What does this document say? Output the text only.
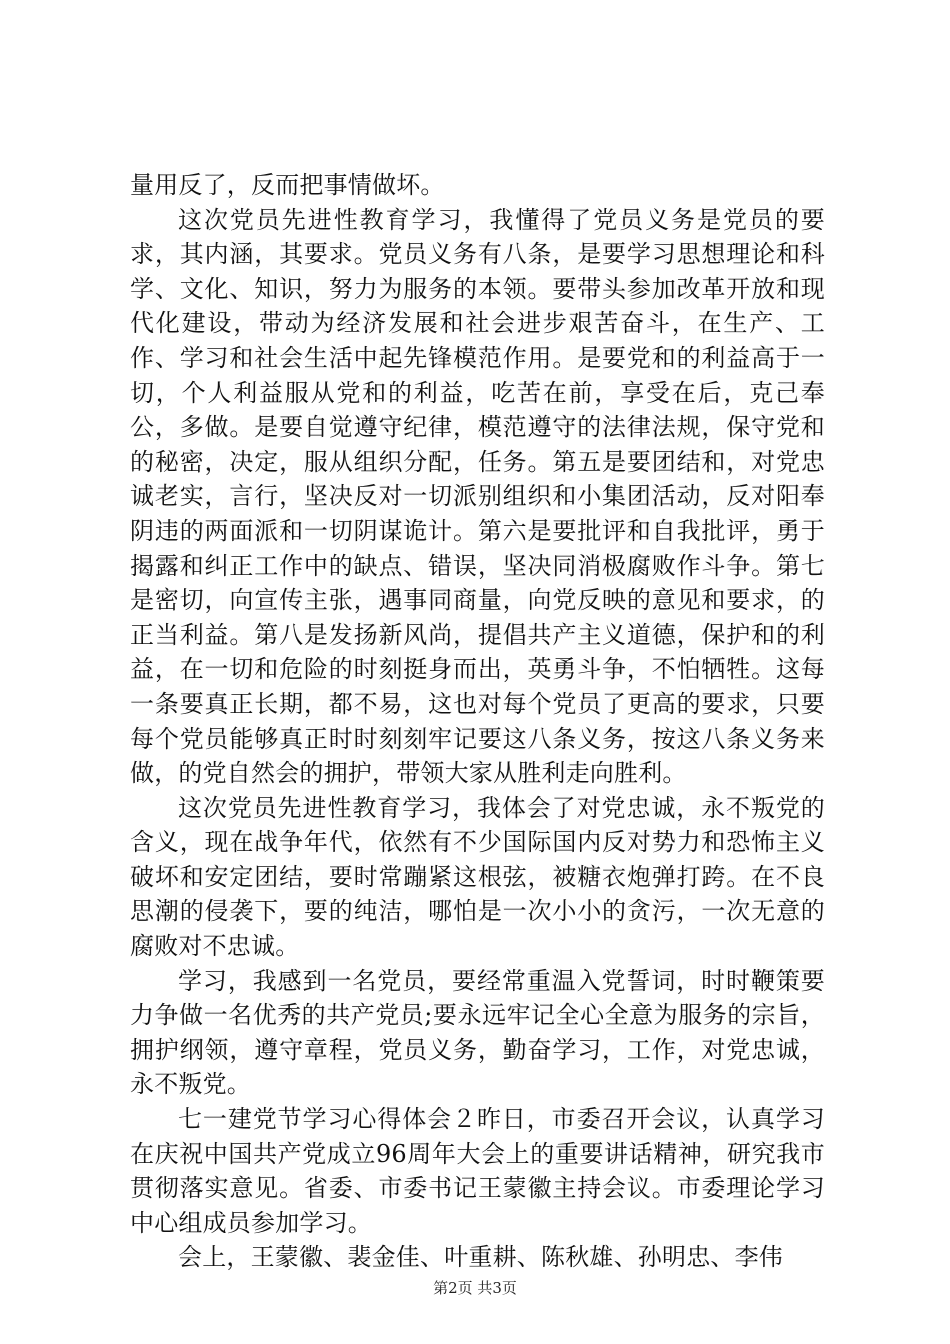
量用反了，反而把事情做坏。

这次党员先进性教育学习，我懂得了党员义务是党员的要求，其内涵，其要求。党员义务有八条，是要学习思想理论和科学、文化、知识，努力为服务的本领。要带头参加改革开放和现代化建设，带动为经济发展和社会进步艰苦奋斗，在生产、工作、学习和社会生活中起先锋模范作用。是要党和的利益高于一切，个人利益服从党和的利益，吃苦在前，享受在后，克己奉公，多做。是要自觉遵守纪律，模范遵守的法律法规，保守党和的秘密，决定，服从组织分配，任务。第五是要团结和，对党忠诚老实，言行，坚决反对一切派别组织和小集团活动，反对阳奉阴违的两面派和一切阴谋诡计。第六是要批评和自我批评，勇于揭露和纠正工作中的缺点、错误，坚决同消极腐败作斗争。第七是密切，向宣传主张，遇事同商量，向党反映的意见和要求，的正当利益。第八是发扬新风尚，提倡共产主义道德，保护和的利益，在一切和危险的时刻挺身而出，英勇斗争，不怕牺牲。这每一条要真正长期，都不易，这也对每个党员了更高的要求，只要每个党员能够真正时时刻刻牢记要这八条义务，按这八条义务来做，的党自然会的拥护，带领大家从胜利走向胜利。

这次党员先进性教育学习，我体会了对党忠诚，永不叛党的含义，现在战争年代，依然有不少国际国内反对势力和恐怖主义破坏和安定团结，要时常蹦紧这根弦，被糖衣炮弹打跨。在不良思潮的侵袭下，要的纯洁，哪怕是一次小小的贪污，一次无意的腐败对不忠诚。

学习，我感到一名党员，要经常重温入党誓词，时时鞭策要力争做一名优秀的共产党员;要永远牢记全心全意为服务的宗旨，拥护纲领，遵守章程，党员义务，勤奋学习，工作，对党忠诚，永不叛党。

七一建党节学习心得体会２昨日，市委召开会议，认真学习在庆祝中国共产党成立96周年大会上的重要讲话精神，研究我市贯彻落实意见。省委、市委书记王蒙徽主持会议。市委理论学习中心组成员参加学习。

会上，王蒙徽、裴金佳、叶重耕、陈秋雄、孙明忠、李伟

第2页 共3页
